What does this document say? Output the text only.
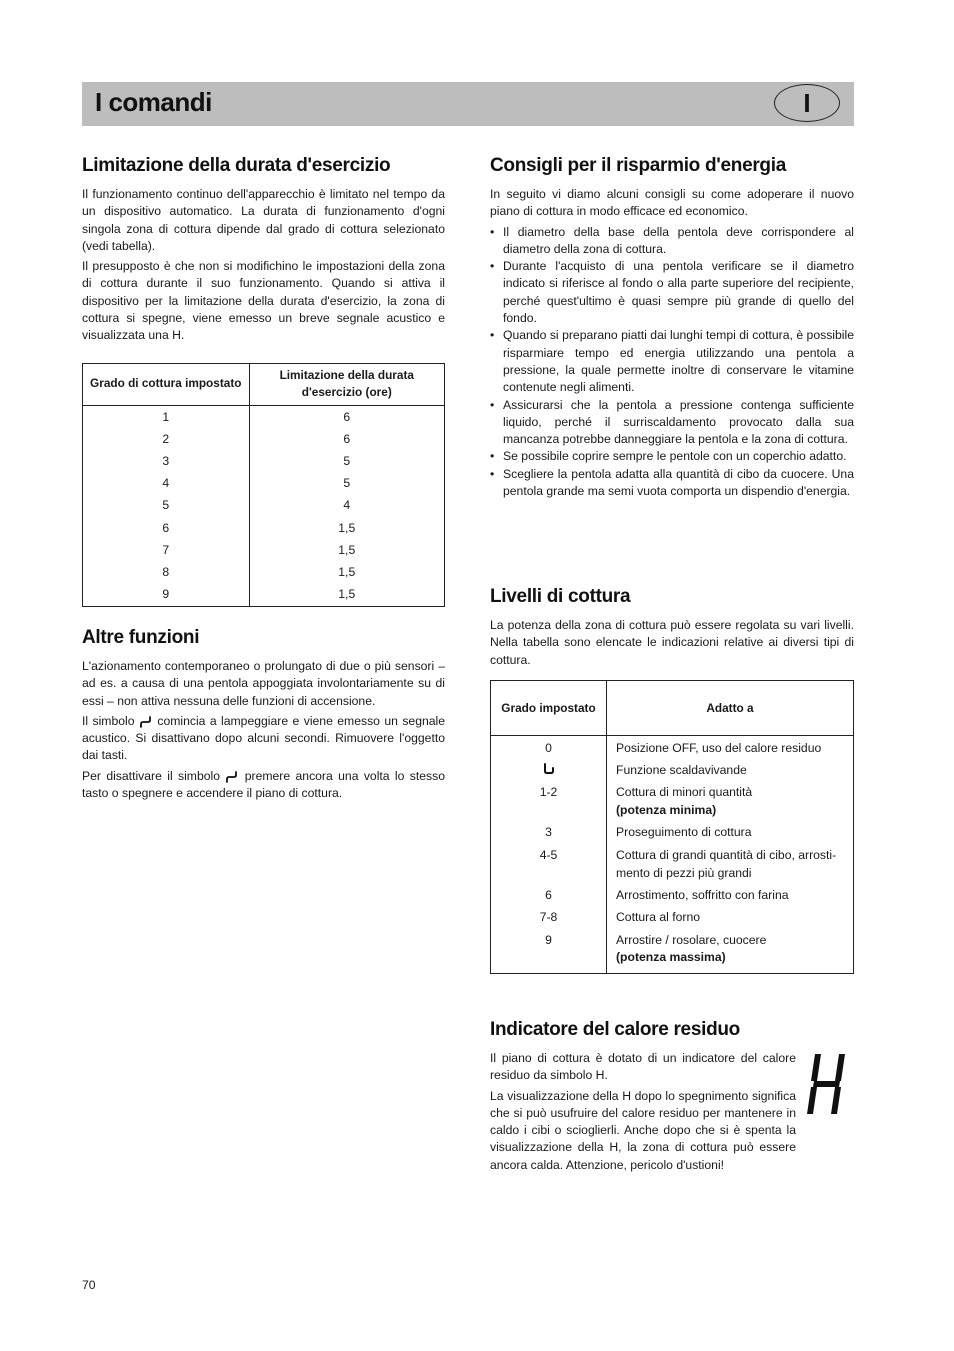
I comandi	I
Limitazione della durata d'esercizio

Il funzionamento continuo dell'apparecchio è limitato nel tempo da un dispositivo automatico. La durata di funzionamento d'ogni singola zona di cottura dipende dal grado di cottura selezionato (vedi tabella).

Il presupposto è che non si modifichino le impostazioni della zona di cottura durante il suo funzionamento. Quando si attiva il dispositivo per la limitazione della durata d'esercizio, la zona di cottura si spegne, viene emesso un breve segnale acustico e visualizzata una H.

Grado di cottura impostato	Limitazione della durata d'esercizio (ore)
1	6
2	6
3	5
4	5
5	4
6	1,5
7	1,5
8	1,5
9	1,5
Altre funzioni

L'azionamento contemporaneo o prolungato di due o più sensori – ad es. a causa di una pentola appoggiata involontariamente su di essi – non attiva nessuna delle funzioni di accensione.

Il simbolo comincia a lampeggiare e viene emesso un segnale acustico. Si disattivano dopo alcuni secondi. Rimuovere l'oggetto dai tasti.

Per disattivare il simbolo premere ancora una volta lo stesso tasto o spegnere e accendere il piano di cottura.

Consigli per il risparmio d'energia

In seguito vi diamo alcuni consigli su come adoperare il nuovo piano di cottura in modo efficace ed economico.

• Il diametro della base della pentola deve corrispondere al diametro della zona di cottura.
• Durante l'acquisto di una pentola verificare se il diametro indicato si riferisce al fondo o alla parte superiore del recipiente, perché quest'ultimo è quasi sempre più grande di quello del fondo.
• Quando si preparano piatti dai lunghi tempi di cottura, è possibile risparmiare tempo ed energia utilizzando una pentola a pressione, la quale permette inoltre di conservare le vitamine contenute negli alimenti.
• Assicurarsi che la pentola a pressione contenga sufficiente liquido, perché il surriscaldamento provocato dalla sua mancanza potrebbe danneggiare la pentola e la zona di cottura.
• Se possibile coprire sempre le pentole con un coperchio adatto.
• Scegliere la pentola adatta alla quantità di cibo da cuocere. Una pentola grande ma semi vuota comporta un dispendio d'energia.
Livelli di cottura

La potenza della zona di cottura può essere regolata su vari livelli. Nella tabella sono elencate le indicazioni relative ai diversi tipi di cottura.

Grado impostato	Adatto a
0	Posizione OFF, uso del calore residuo
	Funzione scaldavivande
1-2	Cottura di minori quantità
(potenza minima)

3	Proseguimento di cottura
4-5	Cottura di grandi quantità di cibo, arrosti-mento di pezzi più grandi
6	Arrostimento, soffritto con farina
7-8	Cottura al forno
9	Arrostire / rosolare, cuocere
(potenza massima)
Indicatore del calore residuo

Il piano di cottura è dotato di un indicatore del calore residuo da simbolo H.

La visualizzazione della H dopo lo spegnimento significa che si può usufruire del calore residuo per mantenere in caldo i cibi o scioglierli. Anche dopo che si è spenta la visualizzazione della H, la zona di cottura può essere ancora calda. Attenzione, pericolo d'ustioni!

70
